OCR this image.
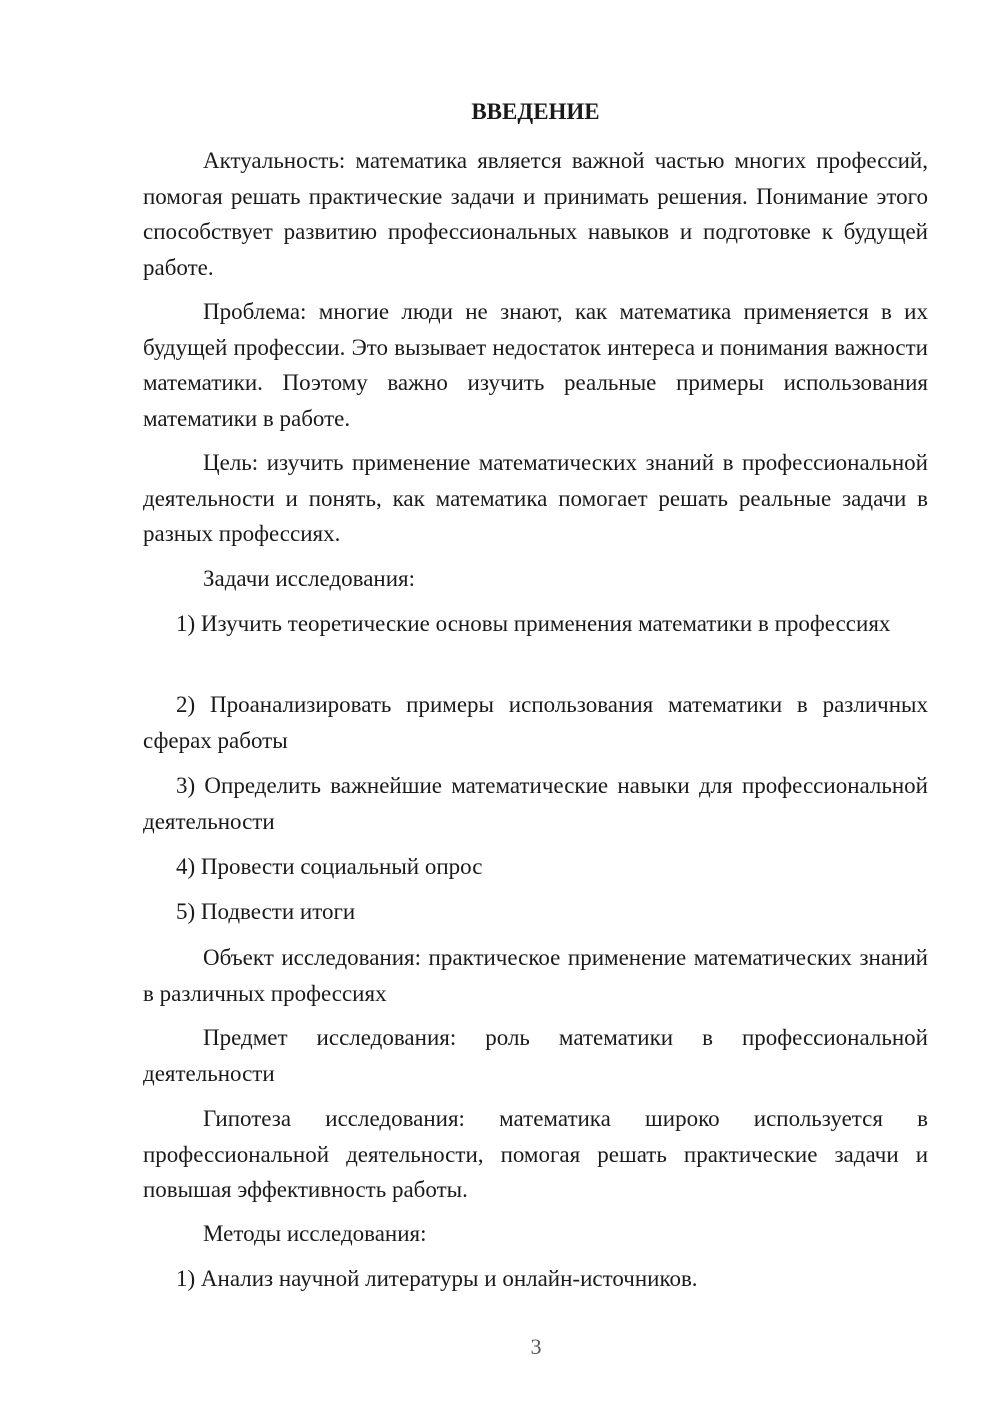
ВВЕДЕНИЕ

Актуальность: математика является важной частью многих профессий, помогая решать практические задачи и принимать решения. Понимание этого способствует развитию профессиональных навыков и подготовке к будущей работе.

Проблема: многие люди не знают, как математика применяется в их будущей профессии. Это вызывает недостаток интереса и понимания важности математики. Поэтому важно изучить реальные примеры использования математики в работе.

Цель: изучить применение математических знаний в профессиональной деятельности и понять, как математика помогает решать реальные задачи в разных профессиях.

Задачи исследования:

1) Изучить теоретические основы применения математики в профессиях

2) Проанализировать примеры использования математики в различных сферах работы

3) Определить важнейшие математические навыки для профессиональной деятельности

4) Провести социальный опрос

5) Подвести итоги

Объект исследования: практическое применение математических знаний в различных профессиях

Предмет исследования: роль математики в профессиональной деятельности

Гипотеза исследования: математика широко используется в профессиональной деятельности, помогая решать практические задачи и повышая эффективность работы.

Методы исследования:

1) Анализ научной литературы и онлайн-источников.

3
